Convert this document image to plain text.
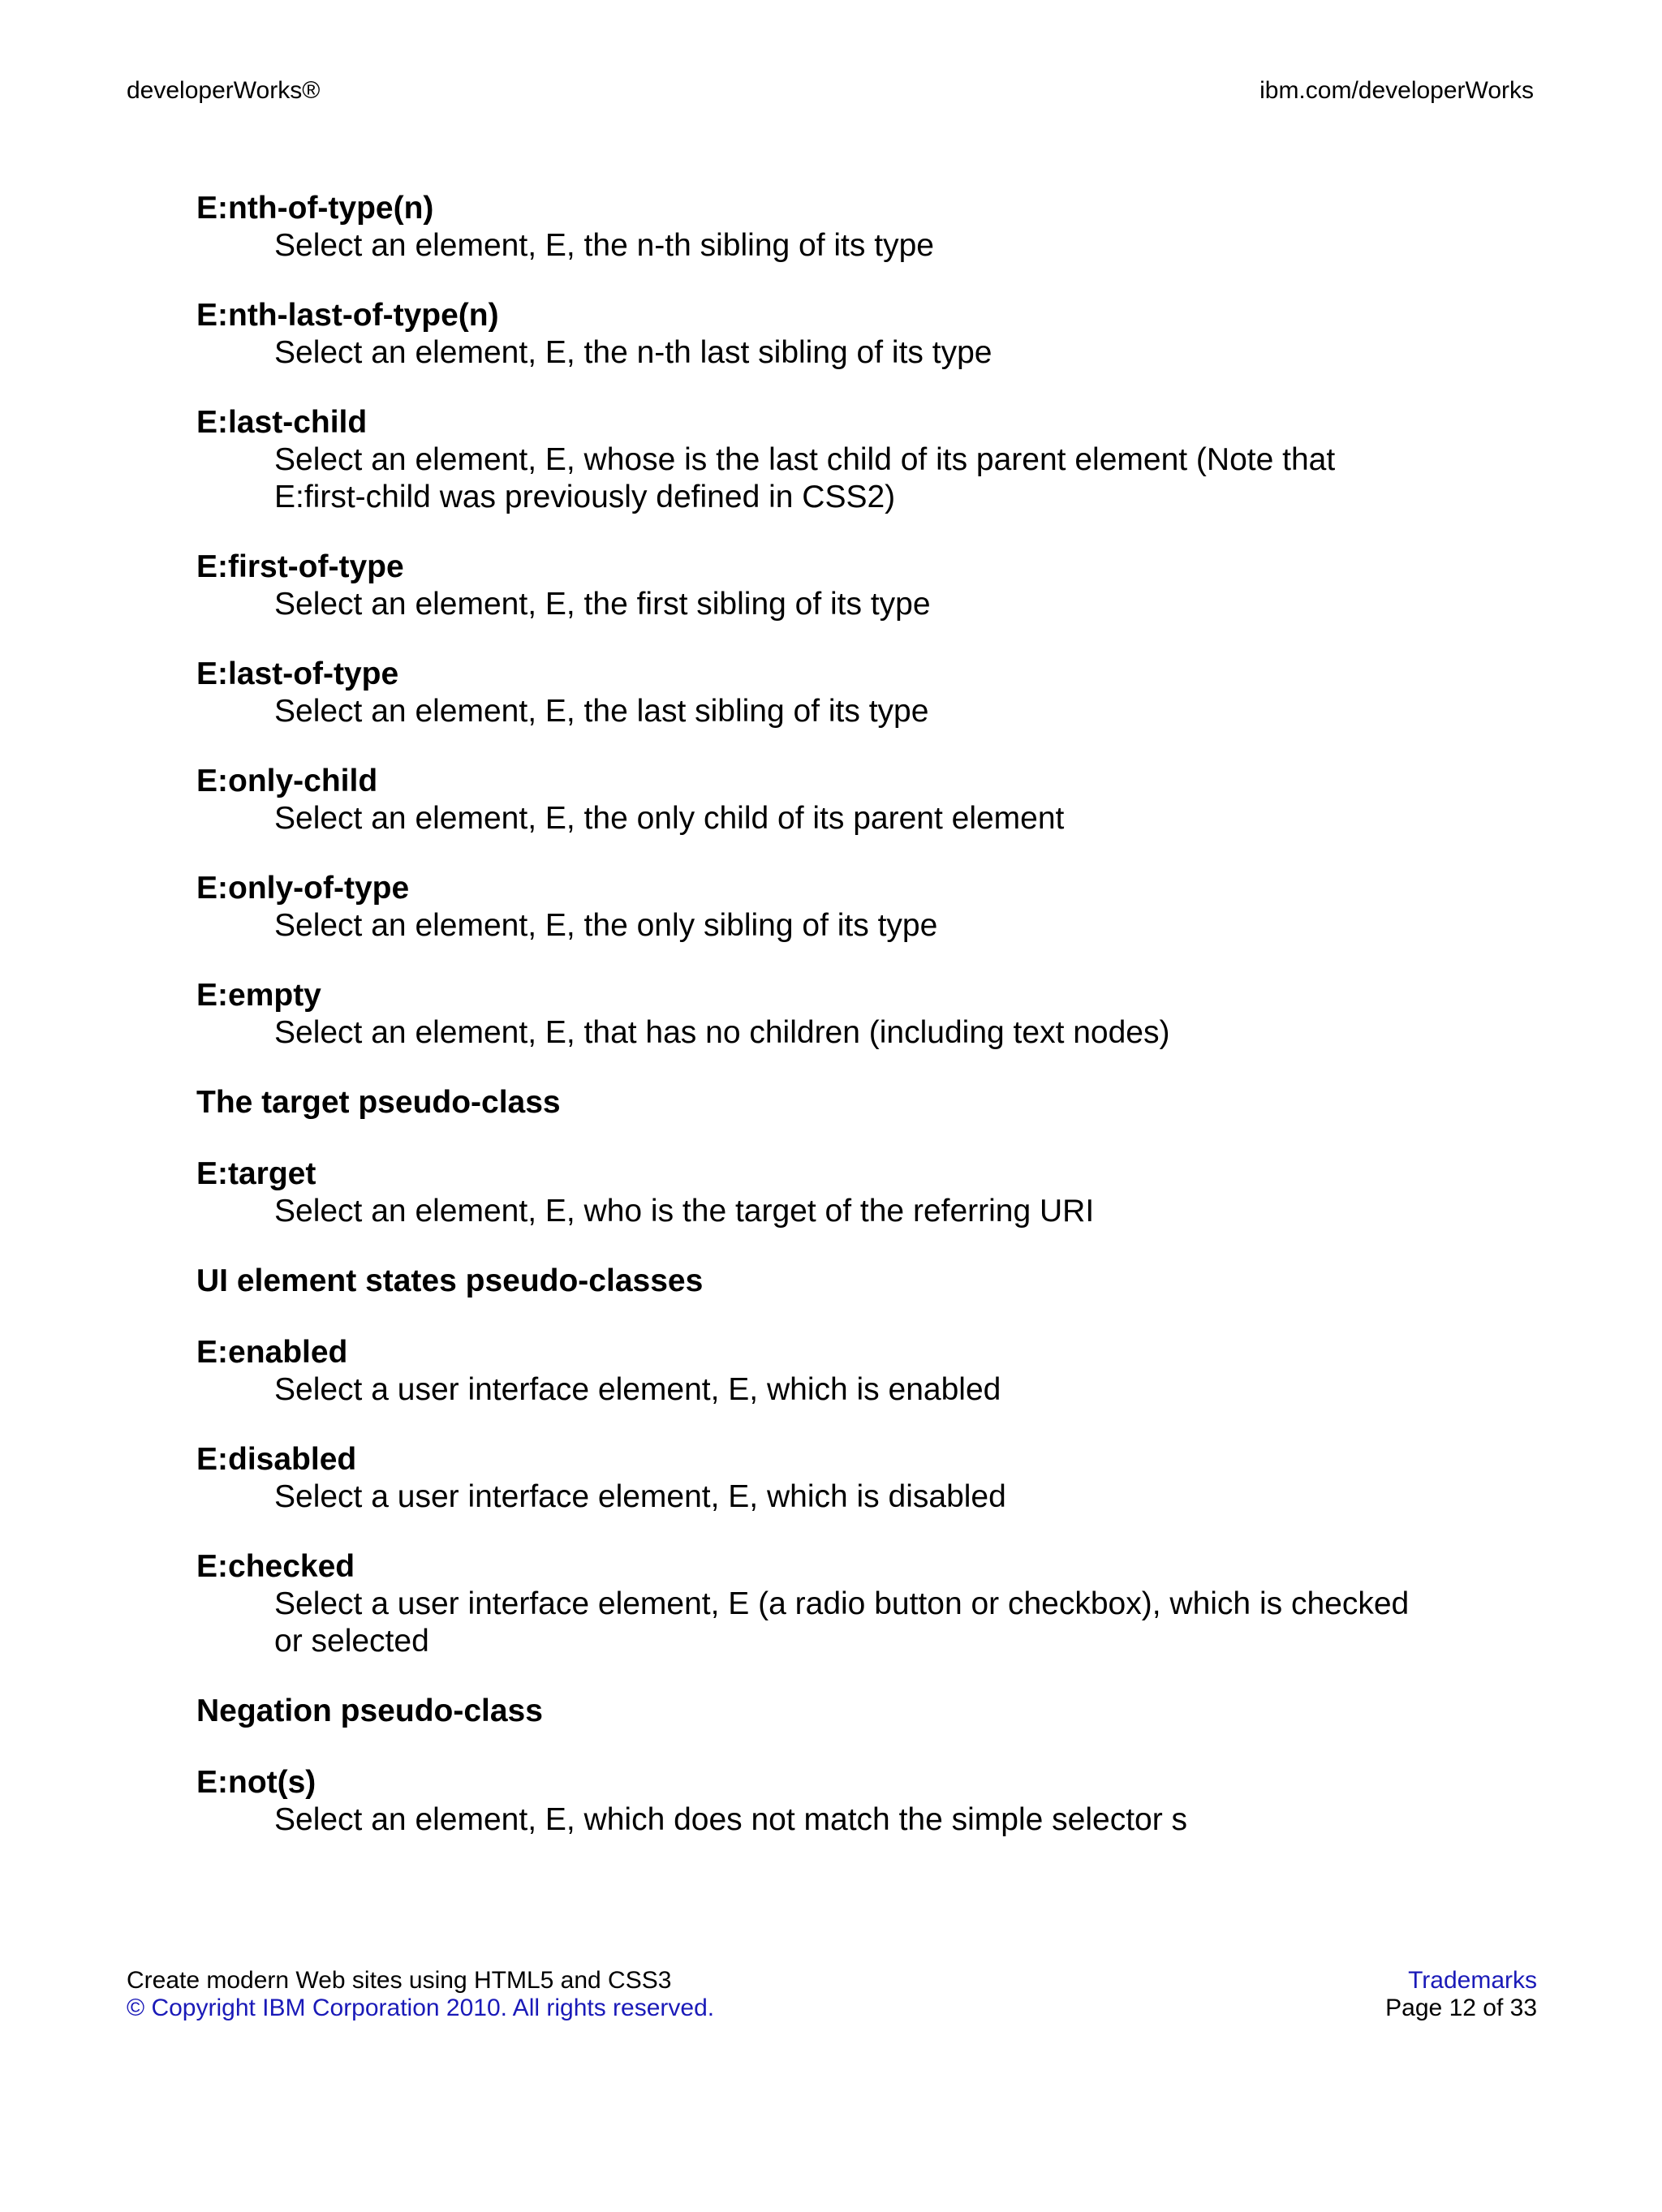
developerWorks®	ibm.com/developerWorks
E:nth-of-type(n)
Select an element, E, the n-th sibling of its type
E:nth-last-of-type(n)
Select an element, E, the n-th last sibling of its type
E:last-child
Select an element, E, whose is the last child of its parent element (Note that E:first-child was previously defined in CSS2)
E:first-of-type
Select an element, E, the first sibling of its type
E:last-of-type
Select an element, E, the last sibling of its type
E:only-child
Select an element, E, the only child of its parent element
E:only-of-type
Select an element, E, the only sibling of its type
E:empty
Select an element, E, that has no children (including text nodes)
The target pseudo-class
E:target
Select an element, E, who is the target of the referring URI
UI element states pseudo-classes
E:enabled
Select a user interface element, E, which is enabled
E:disabled
Select a user interface element, E, which is disabled
E:checked
Select a user interface element, E (a radio button or checkbox), which is checked or selected
Negation pseudo-class
E:not(s)
Select an element, E, which does not match the simple selector s
Create modern Web sites using HTML5 and CSS3
© Copyright IBM Corporation 2010. All rights reserved.
Trademarks
Page 12 of 33
